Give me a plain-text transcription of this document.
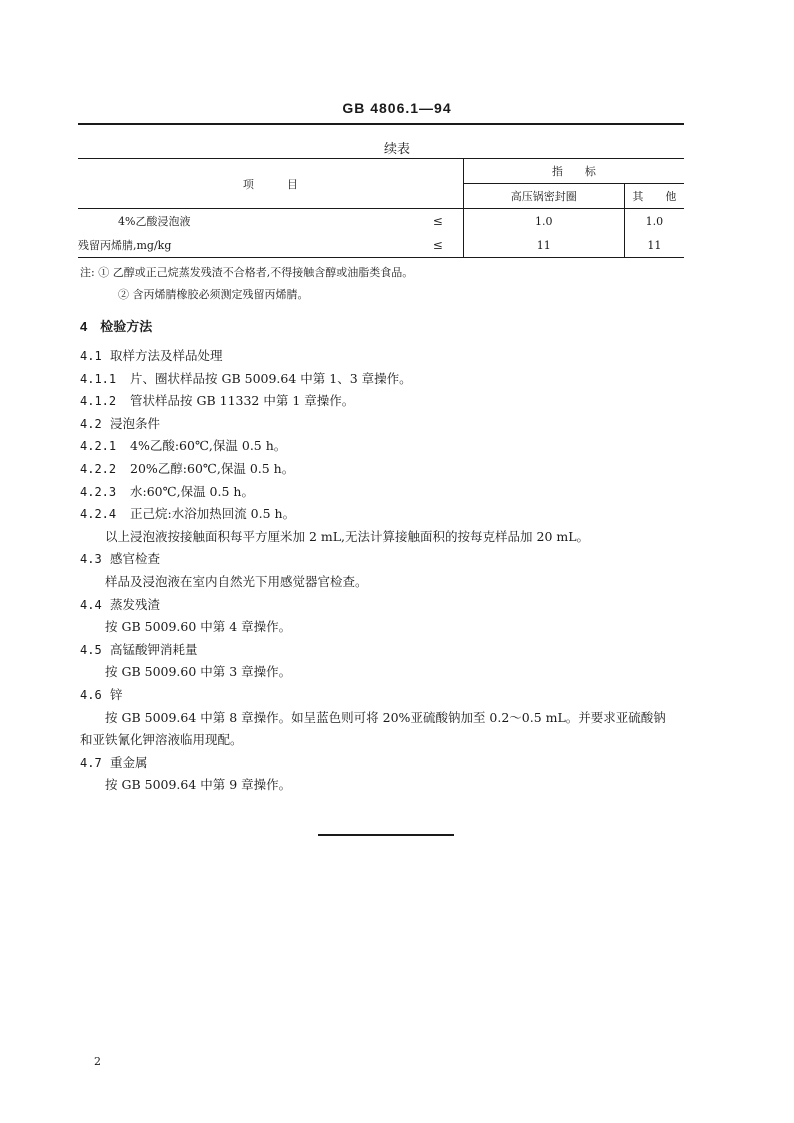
GB 4806.1—94
续表
项　　　目		指　　标	
		高压锅密封圈	其　　他
4%乙酸浸泡液	≤	1.0	1.0
残留丙烯腈,mg/kg	≤	11	11
注: ① 乙醇或正己烷蒸发残渣不合格者,不得接触含醇或油脂类食品。
② 含丙烯腈橡胶必须测定残留丙烯腈。
4　检验方法
4.1 取样方法及样品处理
4.1.1 片、圈状样品按 GB 5009.64 中第 1、3 章操作。
4.1.2 管状样品按 GB 11332 中第 1 章操作。
4.2 浸泡条件
4.2.1 4%乙酸:60℃,保温 0.5 h。
4.2.2 20%乙醇:60℃,保温 0.5 h。
4.2.3 水:60℃,保温 0.5 h。
4.2.4 正己烷:水浴加热回流 0.5 h。
以上浸泡液按接触面积每平方厘米加 2 mL,无法计算接触面积的按每克样品加 20 mL。
4.3 感官检查
样品及浸泡液在室内自然光下用感觉器官检查。
4.4 蒸发残渣
按 GB 5009.60 中第 4 章操作。
4.5 高锰酸钾消耗量
按 GB 5009.60 中第 3 章操作。
4.6 锌
按 GB 5009.64 中第 8 章操作。如呈蓝色则可将 20%亚硫酸钠加至 0.2～0.5 mL。并要求亚硫酸钠
和亚铁氰化钾溶液临用现配。
4.7 重金属
按 GB 5009.64 中第 9 章操作。
2
